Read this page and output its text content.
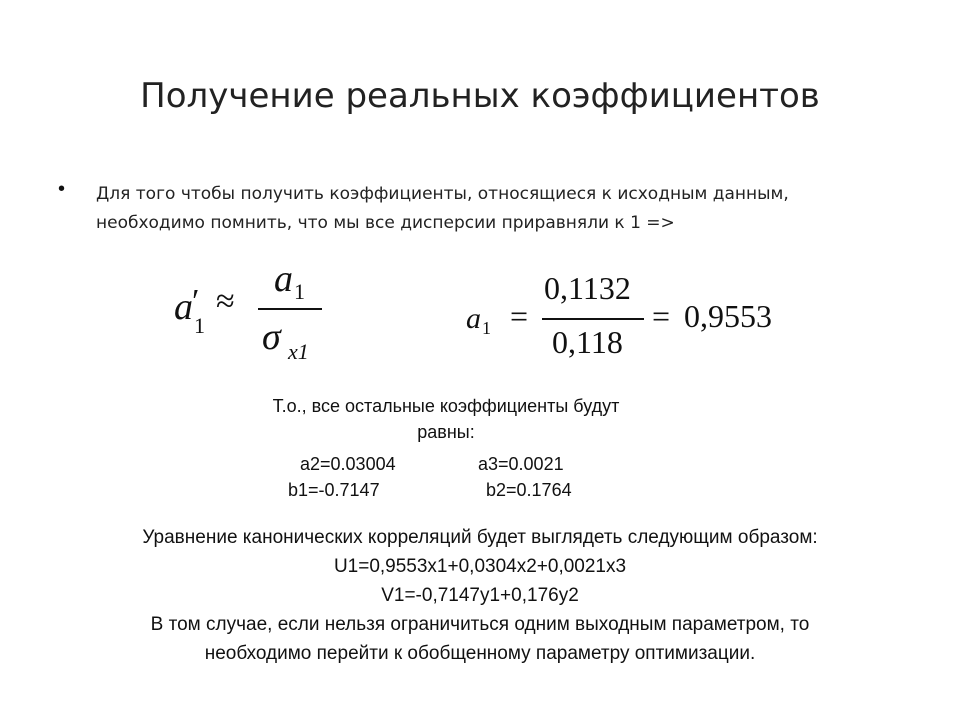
Получение реальных коэффициентов
• Для того чтобы получить коэффициенты, относящиеся к исходным данным,
необходимо помнить, что мы все дисперсии приравняли к 1 =>
a ′
1
≈
a 1
σ x1
a 1 =
0,1132
0,118
= 0,9553
Т.о., все остальные коэффициенты будут
равны:
a2=0.03004	a3=0.0021
b1=-0.7147	b2=0.1764
Уравнение канонических корреляций будет выглядеть следующим образом:
U1=0,9553x1+0,0304x2+0,0021x3
V1=-0,7147y1+0,176y2
В том случае, если нельзя ограничиться одним выходным параметром, то
необходимо перейти к обобщенному параметру оптимизации.
